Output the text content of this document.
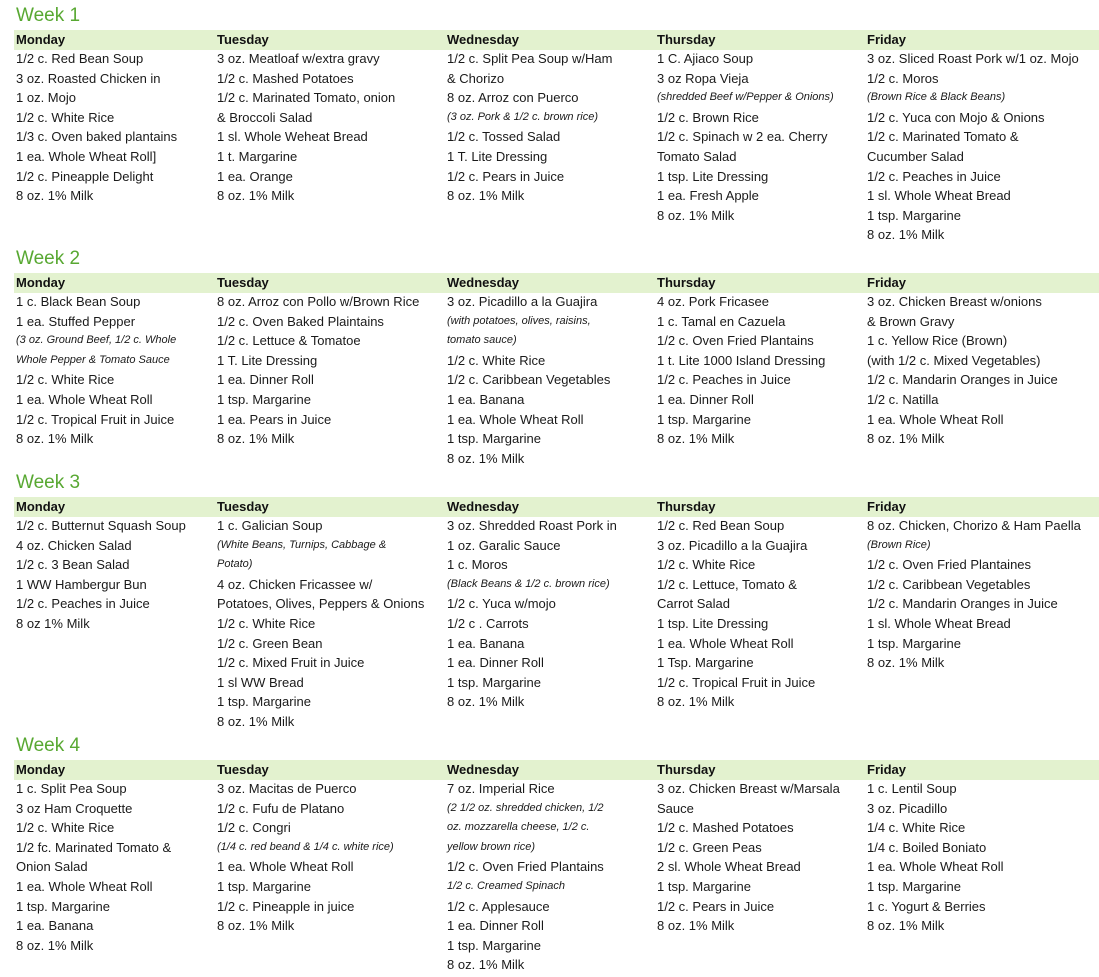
Week 1
Monday
1/2 c. Red Bean Soup
3 oz. Roasted Chicken in
1 oz. Mojo
1/2 c. White Rice
1/3 c. Oven baked plantains
1 ea. Whole Wheat Roll]
1/2 c. Pineapple Delight
8 oz. 1% Milk
Tuesday
3 oz. Meatloaf w/extra gravy
1/2 c. Mashed Potatoes
1/2 c. Marinated Tomato, onion
& Broccoli Salad
1 sl. Whole Weheat Bread
1 t. Margarine
1 ea. Orange
8 oz. 1% Milk
Wednesday
1/2 c. Split Pea Soup w/Ham
& Chorizo
8 oz. Arroz con Puerco
(3 oz. Pork & 1/2 c. brown rice)
1/2 c. Tossed Salad
1 T. Lite Dressing
1/2 c. Pears in Juice
8 oz. 1% Milk
Thursday
1 C. Ajiaco Soup
3 oz Ropa Vieja
(shredded Beef w/Pepper & Onions)
1/2 c. Brown Rice
1/2 c. Spinach w 2 ea. Cherry
Tomato Salad
1 tsp. Lite Dressing
1 ea. Fresh Apple
8 oz. 1% Milk
Friday
3 oz. Sliced Roast Pork w/1 oz. Mojo
1/2 c. Moros
(Brown Rice & Black Beans)
1/2 c. Yuca con Mojo & Onions
1/2 c. Marinated Tomato &
Cucumber Salad
1/2 c. Peaches in Juice
1 sl. Whole Wheat Bread
1 tsp. Margarine
8 oz. 1% Milk
Week 2
Monday
1 c. Black Bean Soup
1 ea. Stuffed Pepper
(3 oz. Ground Beef, 1/2 c. Whole
Whole Pepper & Tomato Sauce
1/2 c. White Rice
1 ea. Whole Wheat Roll
1/2 c. Tropical Fruit in Juice
8 oz. 1% Milk
Tuesday
8 oz. Arroz con Pollo w/Brown Rice
1/2 c. Oven Baked Plaintains
1/2 c. Lettuce & Tomatoe
1 T. Lite Dressing
1 ea. Dinner Roll
1 tsp. Margarine
1 ea. Pears in Juice
8 oz. 1% Milk
Wednesday
3 oz. Picadillo a la Guajira
(with potatoes, olives, raisins,
tomato sauce)
1/2 c. White Rice
1/2 c. Caribbean Vegetables
1 ea. Banana
1 ea. Whole Wheat Roll
1 tsp. Margarine
8 oz. 1% Milk
Thursday
4 oz. Pork Fricasee
1 c. Tamal en Cazuela
1/2 c. Oven Fried Plantains
1 t. Lite 1000 Island Dressing
1/2 c. Peaches in Juice
1 ea. Dinner Roll
1 tsp. Margarine
8 oz. 1% Milk
Friday
3 oz. Chicken Breast w/onions
& Brown Gravy
1 c. Yellow Rice (Brown)
(with 1/2 c. Mixed Vegetables)
1/2 c. Mandarin Oranges in Juice
1/2 c. Natilla
1 ea. Whole Wheat Roll
8 oz. 1% Milk
Week 3
Monday
1/2 c. Butternut Squash Soup
4 oz. Chicken Salad
1/2 c. 3 Bean Salad
1 WW Hambergur Bun
1/2 c. Peaches in Juice
8 oz 1% Milk
Tuesday
1 c. Galician Soup
(White Beans, Turnips, Cabbage &
Potato)
4 oz. Chicken Fricassee w/
Potatoes, Olives, Peppers & Onions
1/2 c. White Rice
1/2 c. Green Bean
1/2 c. Mixed Fruit in Juice
1 sl WW Bread
1 tsp. Margarine
8 oz. 1% Milk
Wednesday
3 oz. Shredded Roast Pork in
1 oz. Garalic Sauce
1 c. Moros
(Black Beans & 1/2 c. brown rice)
1/2 c. Yuca w/mojo
1/2 c . Carrots
1 ea. Banana
1 ea. Dinner Roll
1 tsp. Margarine
8 oz. 1% Milk
Thursday
1/2 c. Red Bean Soup
3 oz. Picadillo a la Guajira
1/2 c. White Rice
1/2 c. Lettuce, Tomato &
Carrot Salad
1 tsp. Lite Dressing
1 ea. Whole Wheat Roll
1 Tsp. Margarine
1/2 c. Tropical Fruit in Juice
8 oz. 1% Milk
Friday
8 oz. Chicken, Chorizo & Ham Paella
(Brown Rice)
1/2 c. Oven Fried Plantaines
1/2 c. Caribbean Vegetables
1/2 c. Mandarin Oranges in Juice
1 sl. Whole Wheat Bread
1 tsp. Margarine
8 oz. 1% Milk
Week 4
Monday
1 c. Split Pea Soup
3 oz Ham Croquette
1/2 c. White Rice
1/2 fc. Marinated Tomato &
Onion Salad
1 ea. Whole Wheat Roll
1 tsp. Margarine
1 ea. Banana
8 oz. 1% Milk
Tuesday
3 oz. Macitas de Puerco
1/2 c. Fufu de Platano
1/2 c. Congri
(1/4 c. red beand & 1/4 c. white rice)
1 ea. Whole Wheat Roll
1 tsp. Margarine
1/2 c. Pineapple in juice
8 oz. 1% Milk
Wednesday
7 oz. Imperial Rice
(2 1/2 oz. shredded chicken, 1/2
oz. mozzarella cheese, 1/2 c.
yellow brown rice)
1/2 c. Oven Fried Plantains
1/2 c. Creamed Spinach
1/2 c. Applesauce
1 ea. Dinner Roll
1 tsp. Margarine
8 oz. 1% Milk
Thursday
3 oz. Chicken Breast w/Marsala
Sauce
1/2 c. Mashed Potatoes
1/2 c. Green Peas
2 sl. Whole Wheat Bread
1 tsp. Margarine
1/2 c. Pears in Juice
8 oz. 1% Milk
Friday
1 c. Lentil Soup
3 oz. Picadillo
1/4 c. White Rice
1/4 c. Boiled Boniato
1 ea. Whole Wheat Roll
1 tsp. Margarine
1 c. Yogurt & Berries
8 oz. 1% Milk
